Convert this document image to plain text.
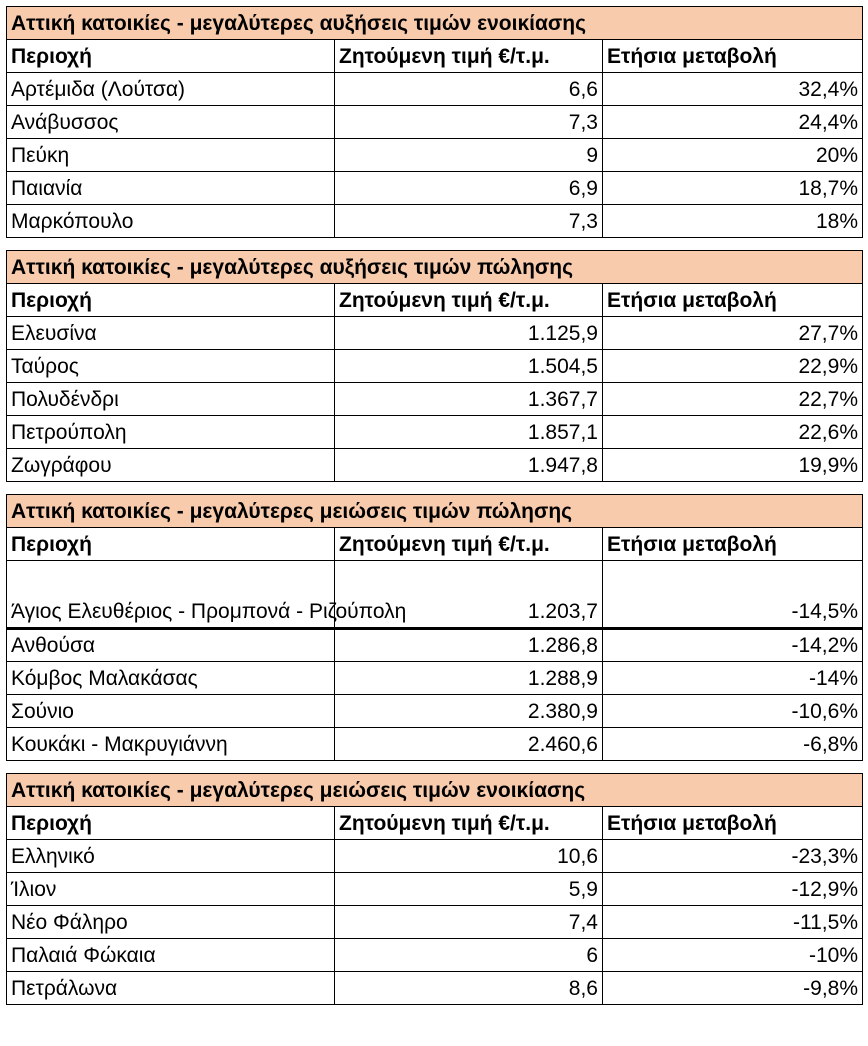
Αττική κατοικίες - μεγαλύτερες αυξήσεις τιμών ενοικίασης		
Περιοχή	Ζητούμενη τιμή €/τ.μ.	Ετήσια μεταβολή
Αρτέμιδα (Λούτσα)	6,6	32,4%
Ανάβυσσος	7,3	24,4%
Πεύκη	9	20%
Παιανία	6,9	18,7%
Μαρκόπουλο	7,3	18%
Αττική κατοικίες - μεγαλύτερες αυξήσεις τιμών πώλησης		
Περιοχή	Ζητούμενη τιμή €/τ.μ.	Ετήσια μεταβολή
Ελευσίνα	1.125,9	27,7%
Ταύρος	1.504,5	22,9%
Πολυδένδρι	1.367,7	22,7%
Πετρούπολη	1.857,1	22,6%
Ζωγράφου	1.947,8	19,9%
Αττική κατοικίες - μεγαλύτερες μειώσεις τιμών πώλησης		
Περιοχή	Ζητούμενη τιμή €/τ.μ.	Ετήσια μεταβολή
Άγιος Ελευθέριος - Προμπονά - Ριζούπολη	1.203,7	-14,5%
Ανθούσα	1.286,8	-14,2%
Κόμβος Μαλακάσας	1.288,9	-14%
Σούνιο	2.380,9	-10,6%
Κουκάκι - Μακρυγιάννη	2.460,6	-6,8%
Αττική κατοικίες - μεγαλύτερες μειώσεις τιμών ενοικίασης		
Περιοχή	Ζητούμενη τιμή €/τ.μ.	Ετήσια μεταβολή
Ελληνικό	10,6	-23,3%
Ίλιον	5,9	-12,9%
Νέο Φάληρο	7,4	-11,5%
Παλαιά Φώκαια	6	-10%
Πετράλωνα	8,6	-9,8%
